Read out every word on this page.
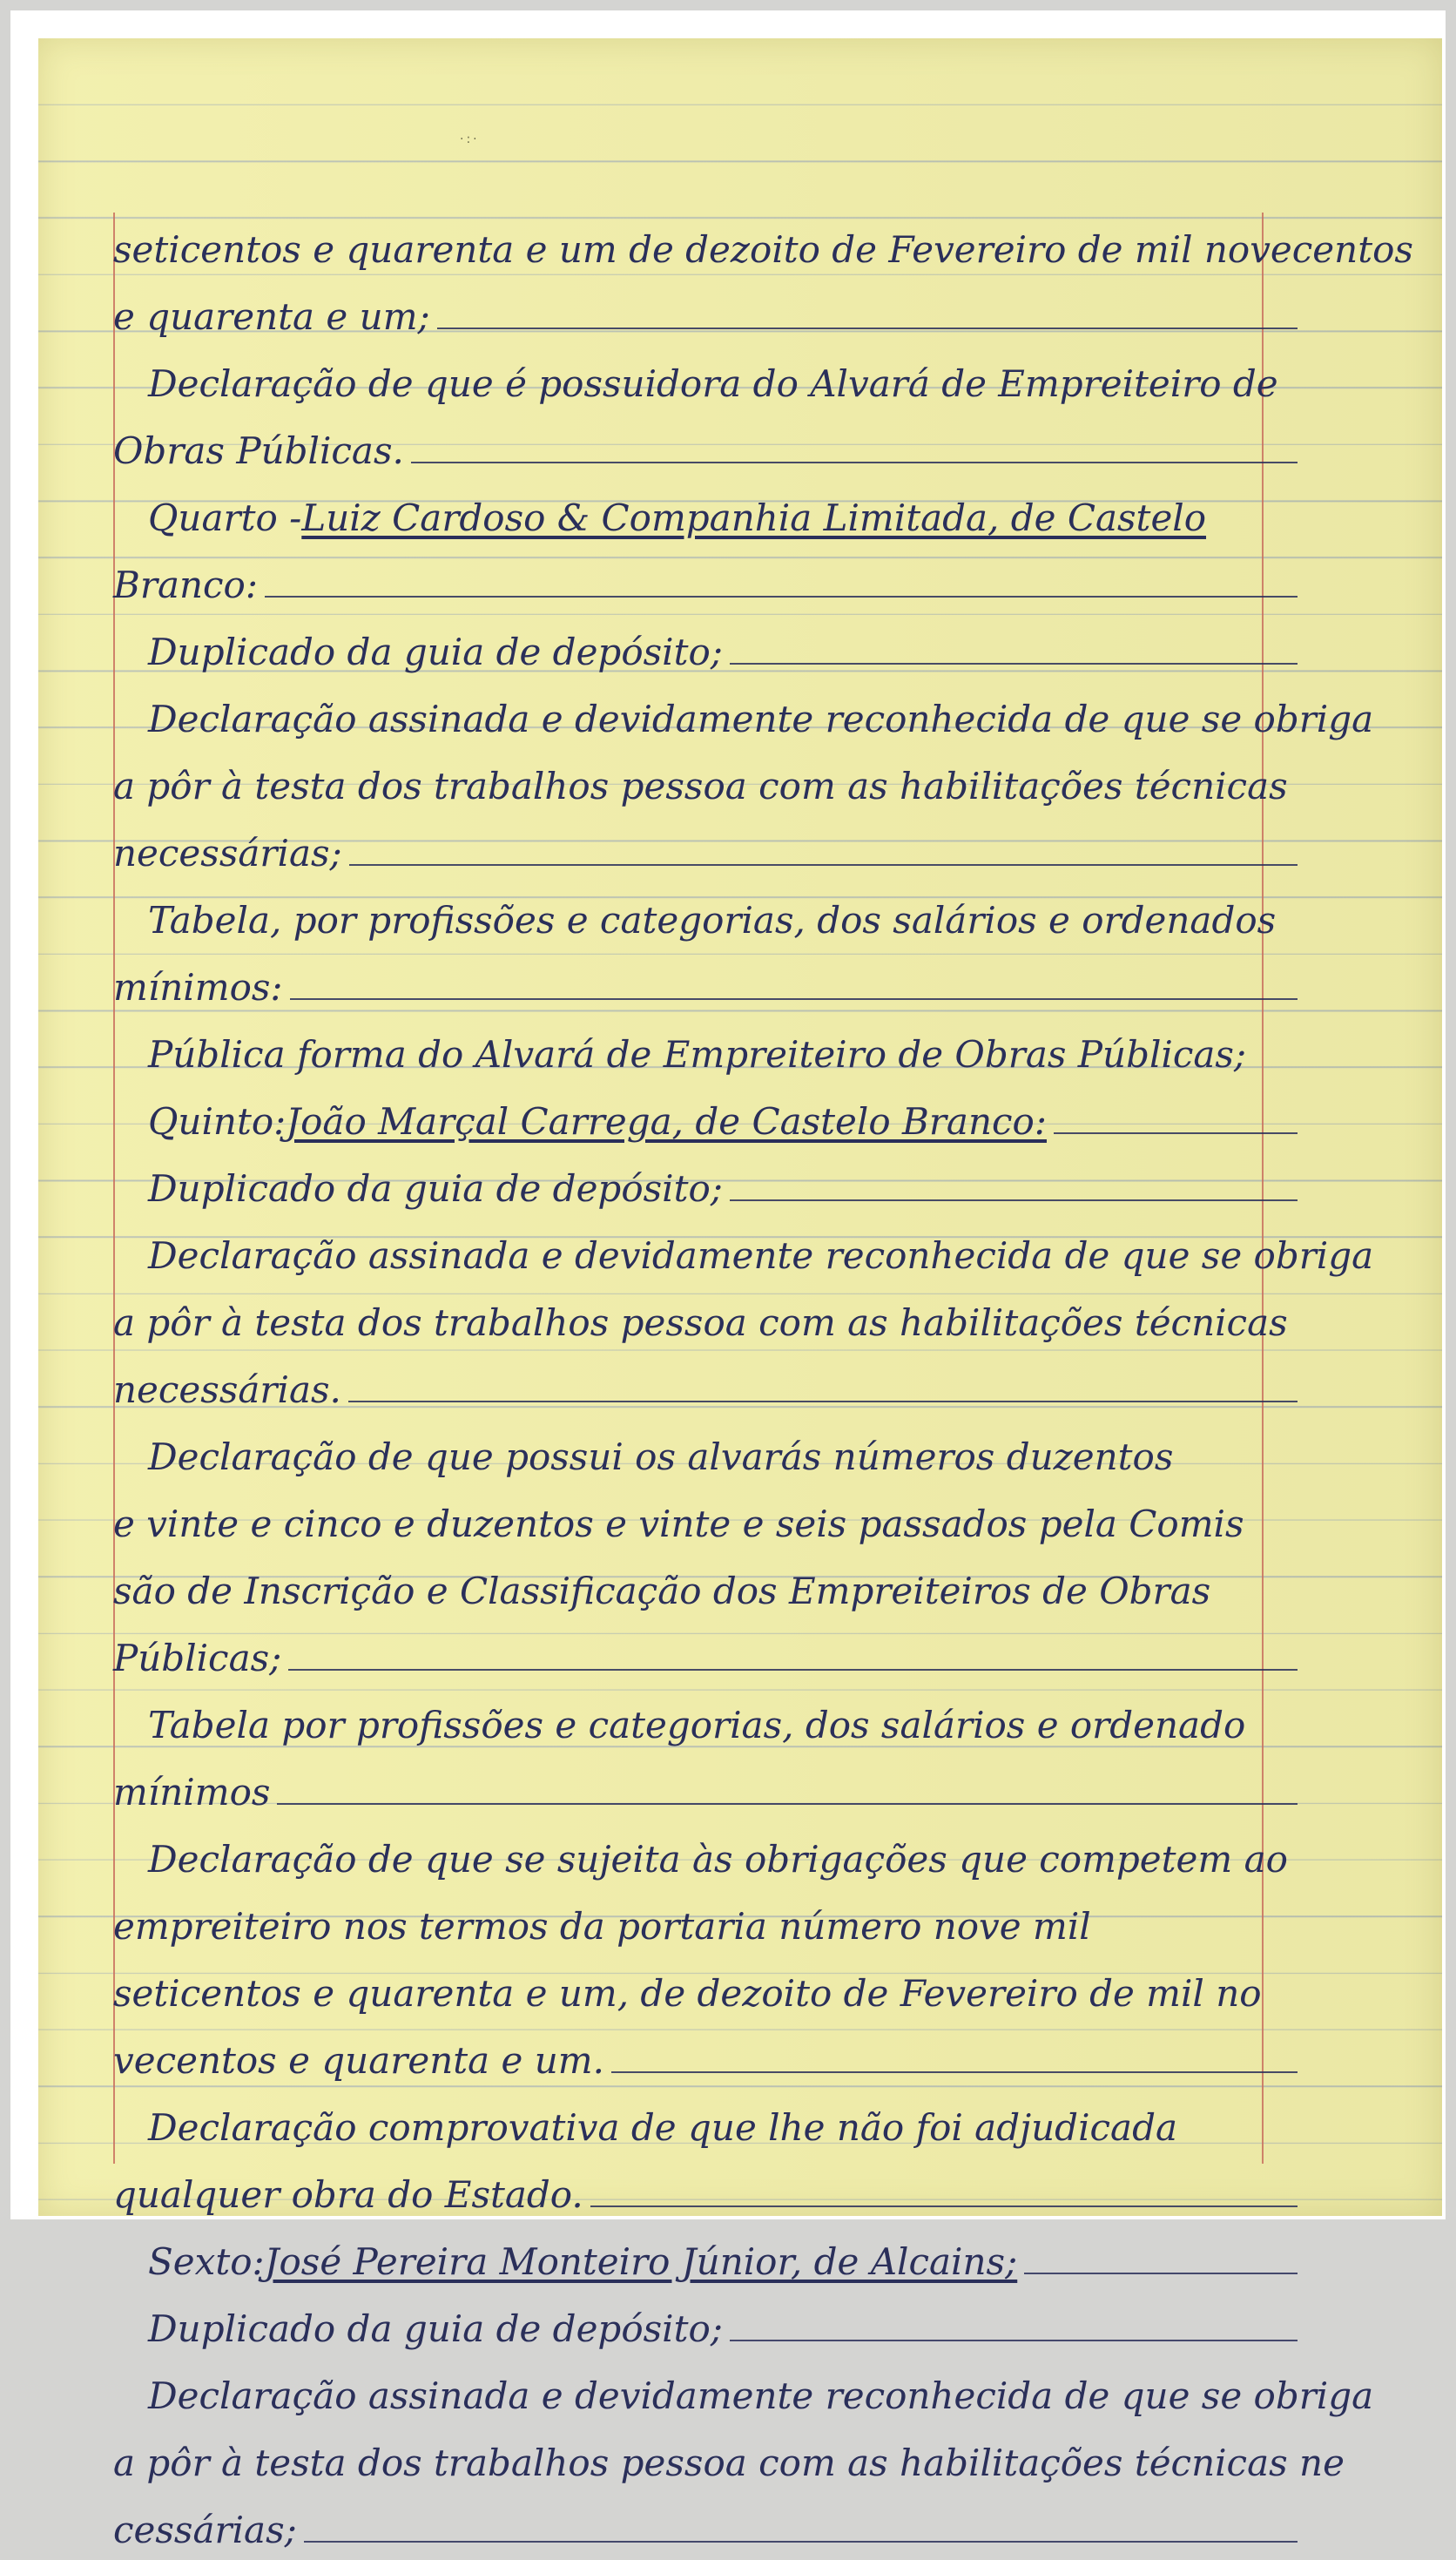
·:·
seticentos e quarenta e um de dezoito de Fevereiro de mil novecentos
e quarenta e um;
Declaração de que é possuidora do Alvará de Empreiteiro de
Obras Públicas.
Quarto - Luiz Cardoso & Companhia Limitada, de Castelo
Branco:
Duplicado da guia de depósito;
Declaração assinada e devidamente reconhecida de que se obriga
a pôr à testa dos trabalhos pessoa com as habilitações técnicas
necessárias;
Tabela, por profissões e categorias, dos salários e ordenados
mínimos:
Pública forma do Alvará de Empreiteiro de Obras Públicas;
Quinto: João Marçal Carrega, de Castelo Branco:
Duplicado da guia de depósito;
Declaração assinada e devidamente reconhecida de que se obriga
a pôr à testa dos trabalhos pessoa com as habilitações técnicas
necessárias.
Declaração de que possui os alvarás números duzentos
e vinte e cinco e duzentos e vinte e seis passados pela Comis
são de Inscrição e Classificação dos Empreiteiros de Obras
Públicas;
Tabela por profissões e categorias, dos salários e ordenado
mínimos
Declaração de que se sujeita às obrigações que competem ao
empreiteiro nos termos da portaria número nove mil
seticentos e quarenta e um, de dezoito de Fevereiro de mil no
vecentos e quarenta e um.
Declaração comprovativa de que lhe não foi adjudicada
qualquer obra do Estado.
Sexto: José Pereira Monteiro Júnior, de Alcains;
Duplicado da guia de depósito;
Declaração assinada e devidamente reconhecida de que se obriga
a pôr à testa dos trabalhos pessoa com as habilitações técnicas ne
cessárias;
